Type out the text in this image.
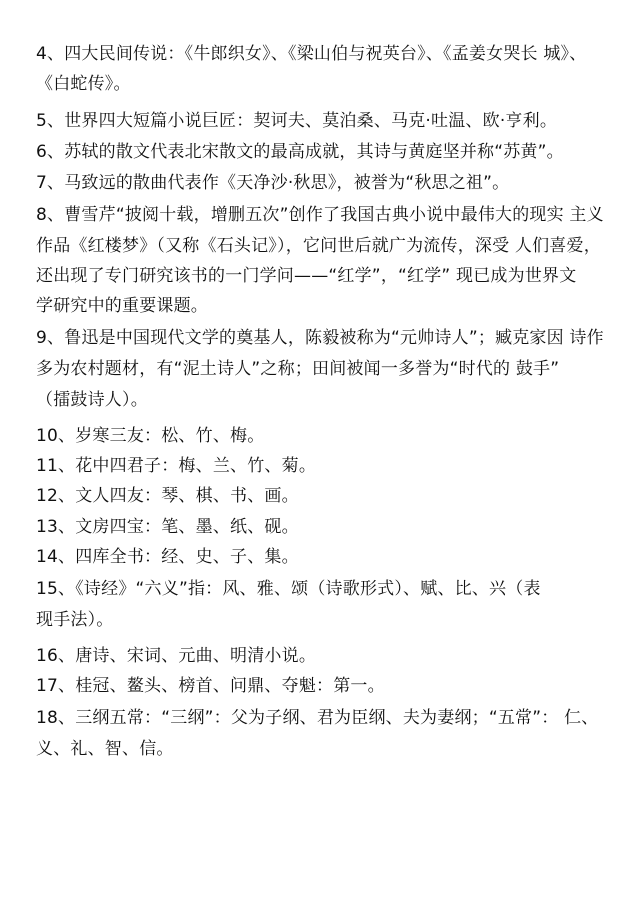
4、四大民间传说：《牛郎织女》、《梁山伯与祝英台》、《孟姜女哭长 城》、
《白蛇传》。
5、世界四大短篇小说巨匠：契诃夫、莫泊桑、马克·吐温、欧·亨利。
6、苏轼的散文代表北宋散文的最高成就，其诗与黄庭坚并称“苏黄”。
7、马致远的散曲代表作《天净沙·秋思》，被誉为“秋思之祖”。
8、曹雪芹“披阅十载，增删五次”创作了我国古典小说中最伟大的现实 主义
作品《红楼梦》（又称《石头记》），它问世后就广为流传，深受 人们喜爱，
还出现了专门研究该书的一门学问——“红学”，“红学” 现已成为世界文
学研究中的重要课题。
9、鲁迅是中国现代文学的奠基人，陈毅被称为“元帅诗人”；臧克家因 诗作
多为农村题材，有“泥土诗人”之称；田间被闻一多誉为“时代的 鼓手”
（擂鼓诗人）。
10、岁寒三友：松、竹、梅。
11、花中四君子：梅、兰、竹、菊。
12、文人四友：琴、棋、书、画。
13、文房四宝：笔、墨、纸、砚。
14、四库全书：经、史、子、集。
15、《诗经》“六义”指：风、雅、颂（诗歌形式）、赋、比、兴（表
现手法）。
16、唐诗、宋词、元曲、明清小说。
17、桂冠、鳌头、榜首、问鼎、夺魁：第一。
18、三纲五常：“三纲”：父为子纲、君为臣纲、夫为妻纲；“五常”： 仁、
义、礼、智、信。
